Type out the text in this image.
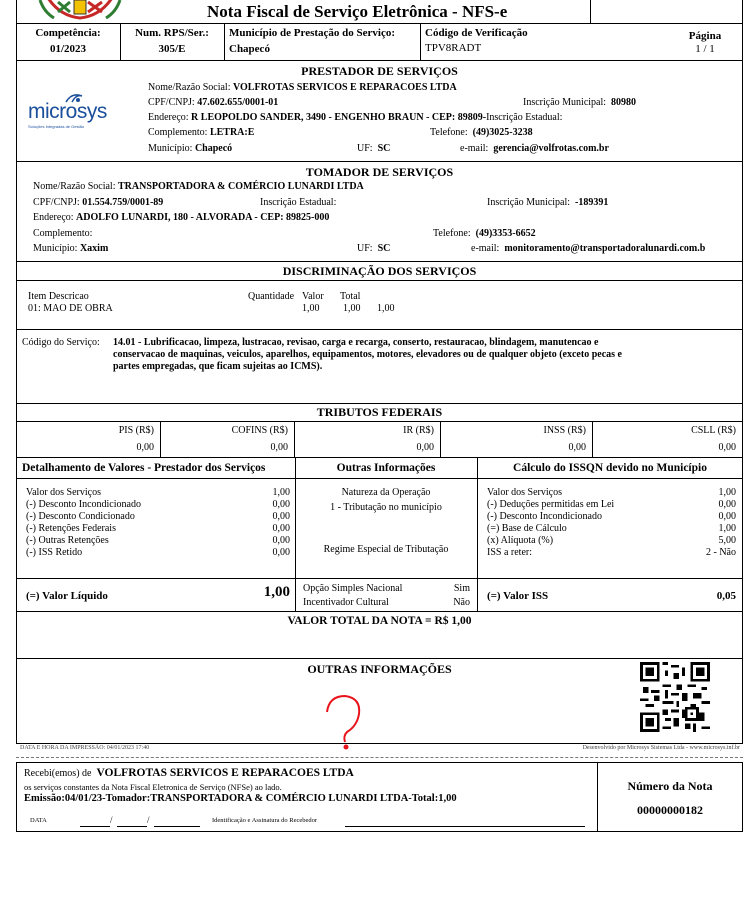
Nota Fiscal de Serviço Eletrônica - NFS-e
Competência:
01/2023
Num. RPS/Ser.:
305/E
Município de Prestação do Serviço:
Chapecó
Código de Verificação
TPV8RADT
Página
1 / 1
PRESTADOR DE SERVIÇOS
microsys
Soluções Integradas de Gestão
Nome/Razão Social: VOLFROTAS SERVICOS E REPARACOES LTDA
CPF/CNPJ: 47.602.655/0001-01	Inscrição Municipal: 80980
Endereço: R LEOPOLDO SANDER, 3490 - ENGENHO BRAUN - CEP: 89809-Inscrição Estadual:
Complemento: LETRA:E	Telefone: (49)3025-3238
Município: Chapecó	UF: SC	e-mail: gerencia@volfrotas.com.br
TOMADOR DE SERVIÇOS
Nome/Razão Social: TRANSPORTADORA & COMÉRCIO LUNARDI LTDA
CPF/CNPJ: 01.554.759/0001-89	Inscrição Estadual:	Inscrição Municipal: -189391
Endereço: ADOLFO LUNARDI, 180 - ALVORADA - CEP: 89825-000
Complemento:	Telefone: (49)3353-6652
Município: Xaxim	UF: SC	e-mail: monitoramento@transportadoralunardi.com.b
DISCRIMINAÇÃO DOS SERVIÇOS
Item Descricao	Quantidade Valor Total
01: MAO DE OBRA	1,00 1,00 1,00
Código do Serviço: 14.01 - Lubrificacao, limpeza, lustracao, revisao, carga e recarga, conserto, restauracao, blindagem, manutencao e
conservacao de maquinas, veiculos, aparelhos, equipamentos, motores, elevadores ou de qualquer objeto (exceto pecas e
partes empregadas, que ficam sujeitas ao ICMS).
TRIBUTOS FEDERAIS
PIS (R$)
0,00
COFINS (R$)
0,00
IR (R$)
0,00
INSS (R$)
0,00
CSLL (R$)
0,00
Detalhamento de Valores - Prestador dos Serviços
Valor dos Serviços	1,00
(-) Desconto Incondicionado	0,00
(-) Desconto Condicionado	0,00
(-) Retenções Federais	0,00
(-) Outras Retenções	0,00
(-) ISS Retido	0,00
(=) Valor Líquido	1,00
Outras Informações
Natureza da Operação
1 - Tributação no município
Regime Especial de Tributação
Opção Simples Nacional	Sim
Incentivador Cultural	Não
Cálculo do ISSQN devido no Município
Valor dos Serviços	1,00
(-) Deduções permitidas em Lei	0,00
(-) Desconto Incondicionado	0,00
(=) Base de Cálculo	1,00
(x) Alíquota (%)	5,00
ISS a reter:	2 - Não
(=) Valor ISS	0,05
VALOR TOTAL DA NOTA = R$ 1,00
OUTRAS INFORMAÇÕES
DATA E HORA DA IMPRESSÃO: 04/01/2023 17:40	Desenvolvido por Microsys Sistemas Ltda - www.microsys.inf.br
Recebi(emos) de VOLFROTAS SERVICOS E REPARACOES LTDA
os serviços constantes da Nota Fiscal Eletronica de Serviço (NFSe) ao lado.
Emissão:04/01/23-Tomador:TRANSPORTADORA & COMÉRCIO LUNARDI LTDA-Total:1,00
DATA	/	/	Identificação e Assinatura do Recebedor
Número da Nota
00000000182
